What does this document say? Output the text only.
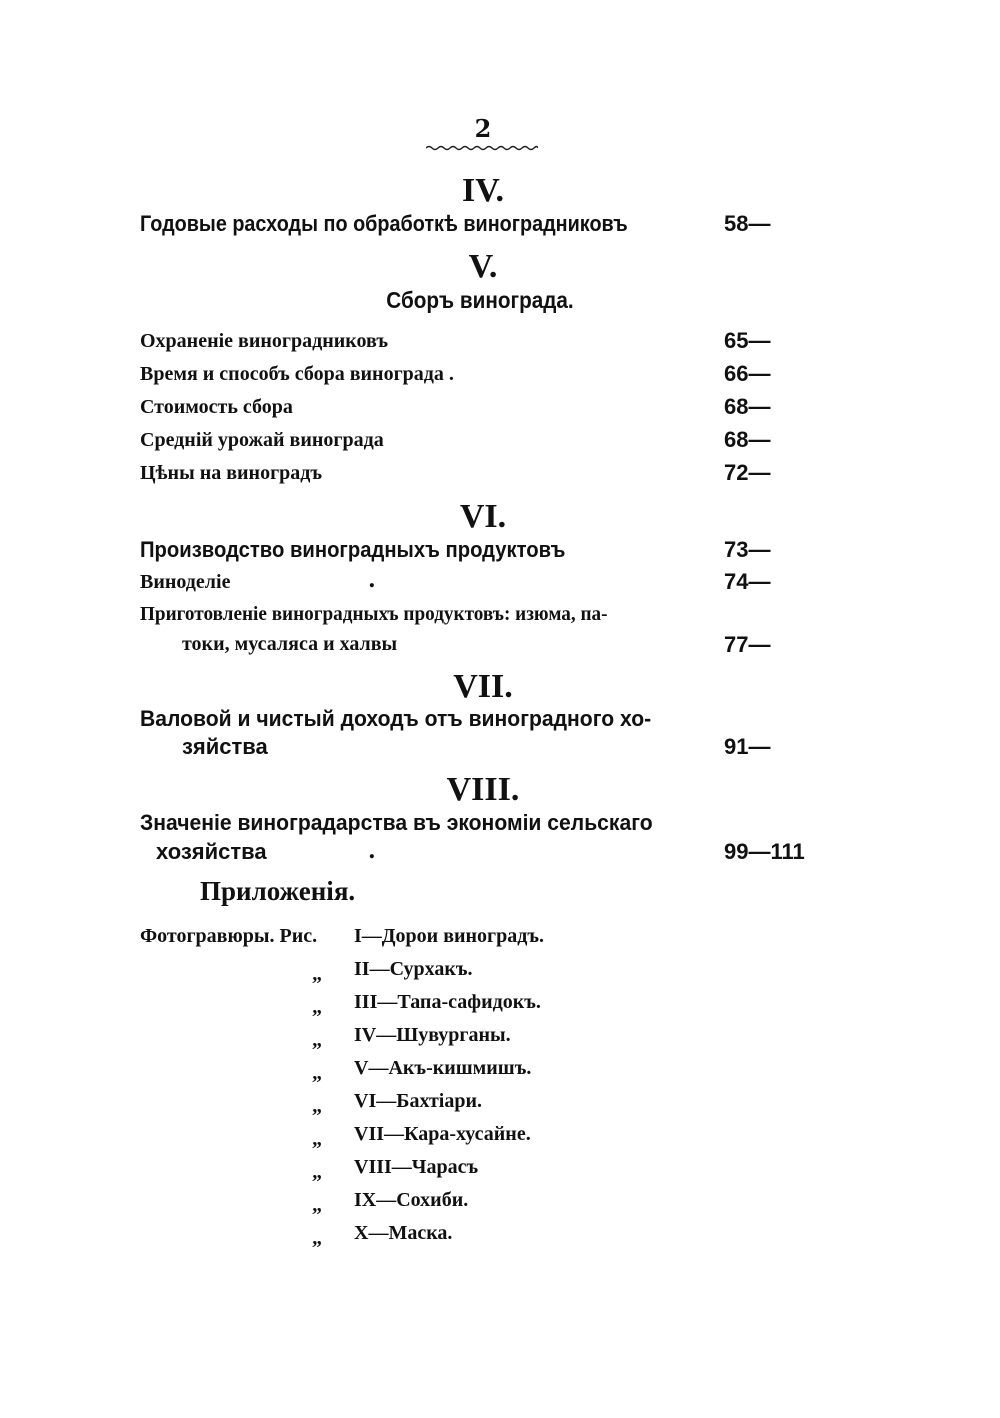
2
IV.
Годовые расходы по обработкѣ виноградниковъ	58—
V.
Сборъ винограда.
Охраненіе виноградниковъ	65—
Время и способъ сбора винограда .	66—
Стоимость сбора	68—
Среднiй урожай винограда	68—
Цѣны на виноградъ	72—
VI.
Производство виноградныхъ продуктовъ	73—
Виноделiе	.	74—
Приготовленіе виноградныхъ продуктовъ: изюма, па-
токи, мусаляса и халвы	77—
VII.
Валовой и чистый доходъ отъ виноградного хо-
зяйства	91—
VIII.
Значенiе виноградарства въ экономiи сельскаго
хозяйства	.	99—111
Приложенія.
Фотогравюры. Рис. I—Дорои виноградъ.
„ II—Сурхакъ.
„ III—Тапа-сафидокъ.
„ IV—Шувурганы.
„ V—Акъ-кишмишъ.
„ VI—Бахтiари.
„ VII—Кара-хусайне.
„ VIII—Чарасъ
„ IX—Сохиби.
„ X—Маска.
